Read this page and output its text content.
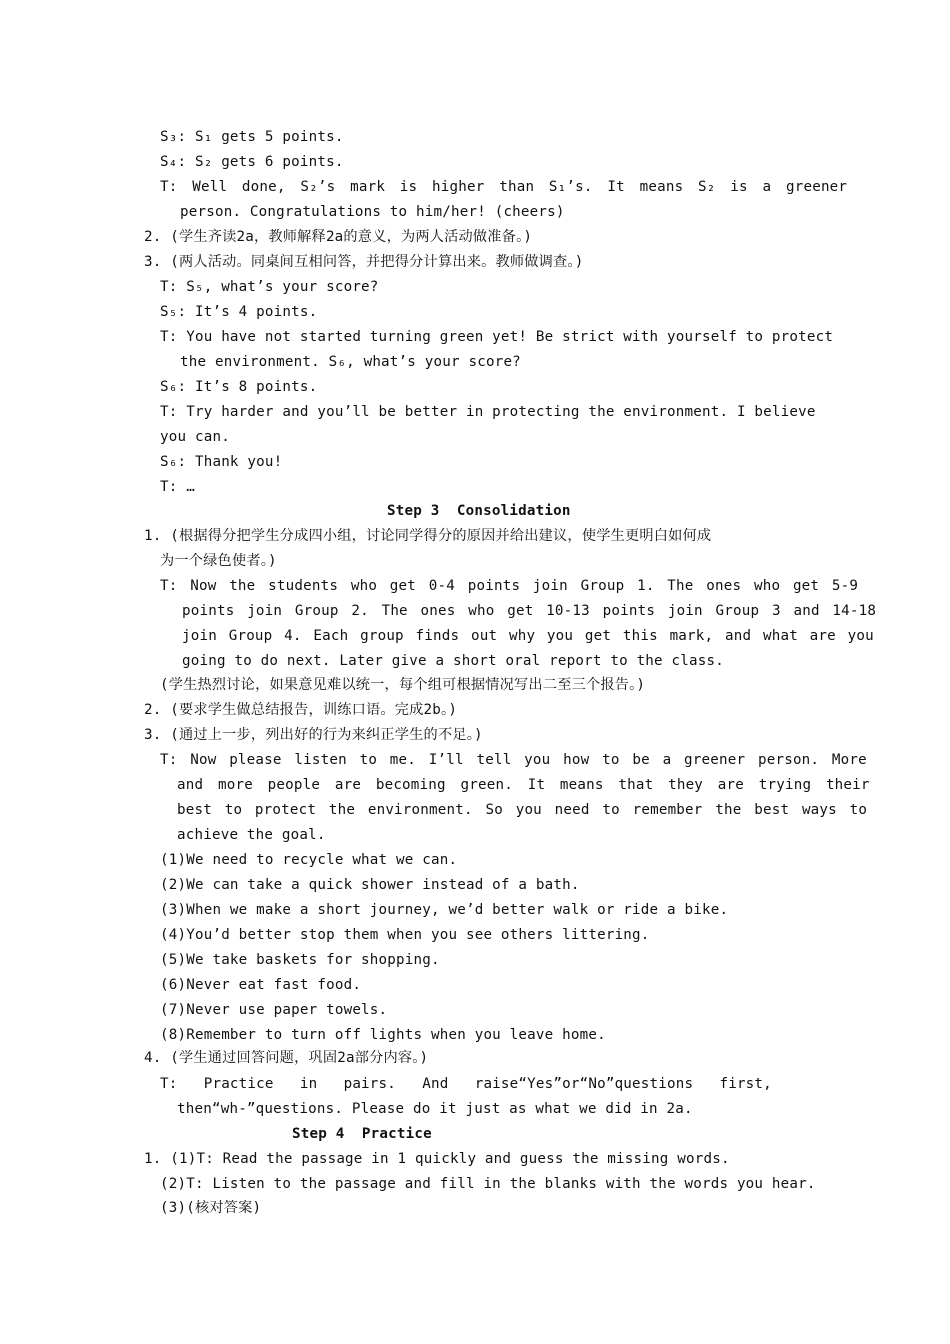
S₃: S₁ gets 5 points.
S₄: S₂ gets 6 points.
T: Well done, S₂’s mark is higher than S₁’s. It means S₂ is a greener
person. Congratulations to him/her! (cheers)
2. (学生齐读2a，教师解释2a的意义，为两人活动做准备。)
3. (两人活动。同桌间互相问答，并把得分计算出来。教师做调查。)
T: S₅, what’s your score?
S₅: It’s 4 points.
T: You have not started turning green yet! Be strict with yourself to protect
the environment. S₆, what’s your score?
S₆: It’s 8 points.
T: Try harder and you’ll be better in protecting the environment. I believe
you can.
S₆: Thank you!
T: …
Step 3  Consolidation
1. (根据得分把学生分成四小组，讨论同学得分的原因并给出建议，使学生更明白如何成
为一个绿色使者。)
T: Now the students who get 0-4 points join Group 1. The ones who get 5-9
points join Group 2. The ones who get 10-13 points join Group 3 and 14-18
join Group 4. Each group finds out why you get this mark, and what are you
going to do next. Later give a short oral report to the class.
(学生热烈讨论，如果意见难以统一，每个组可根据情况写出二至三个报告。)
2. (要求学生做总结报告，训练口语。完成2b。)
3. (通过上一步，列出好的行为来纠正学生的不足。)
T: Now please listen to me. I’ll tell you how to be a greener person. More
and more people are becoming green. It means that they are trying their
best to protect the environment. So you need to remember the best ways to
achieve the goal.
(1)We need to recycle what we can.
(2)We can take a quick shower instead of a bath.
(3)When we make a short journey, we’d better walk or ride a bike.
(4)You’d better stop them when you see others littering.
(5)We take baskets for shopping.
(6)Never eat fast food.
(7)Never use paper towels.
(8)Remember to turn off lights when you leave home.
4. (学生通过回答问题，巩固2a部分内容。)
T:   Practice   in   pairs.   And   raise“Yes”or“No”questions   first,
then“wh-”questions. Please do it just as what we did in 2a.
Step 4  Practice
1. (1)T: Read the passage in 1 quickly and guess the missing words.
(2)T: Listen to the passage and fill in the blanks with the words you hear.
(3)(核对答案)
